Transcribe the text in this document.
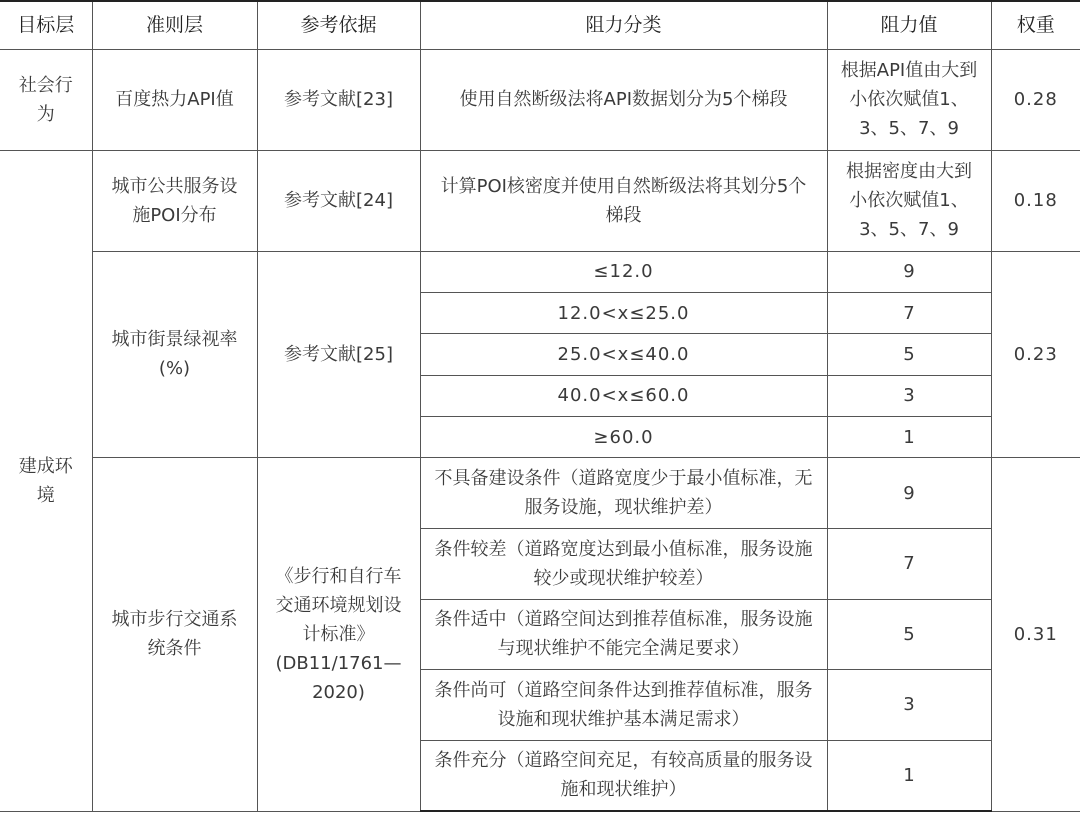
目标层	准则层	参考依据	阻力分类	阻力值	权重
社会行为	百度热力API值	参考文献[23]	使用自然断级法将API数据划分为5个梯段	根据API值由大到小依次赋值1、3、5、7、9	0.28
建成环境	城市公共服务设施POI分布	参考文献[24]	计算POI核密度并使用自然断级法将其划分5个梯段	根据密度由大到小依次赋值1、3、5、7、9	0.18
	城市街景绿视率(%)	参考文献[25]	≤12.0	9	0.23
			12.0<x≤25.0	7	
			25.0<x≤40.0	5	
			40.0<x≤60.0	3	
			≥60.0	1	
	城市步行交通系统条件	《步行和自行车交通环境规划设计标准》(DB11/1761—2020)	不具备建设条件（道路宽度少于最小值标准，无服务设施，现状维护差）	9	0.31
			条件较差（道路宽度达到最小值标准，服务设施较少或现状维护较差）	7	
			条件适中（道路空间达到推荐值标准，服务设施与现状维护不能完全满足要求）	5	
			条件尚可（道路空间条件达到推荐值标准，服务设施和现状维护基本满足需求）	3	
			条件充分（道路空间充足，有较高质量的服务设施和现状维护）	1	
